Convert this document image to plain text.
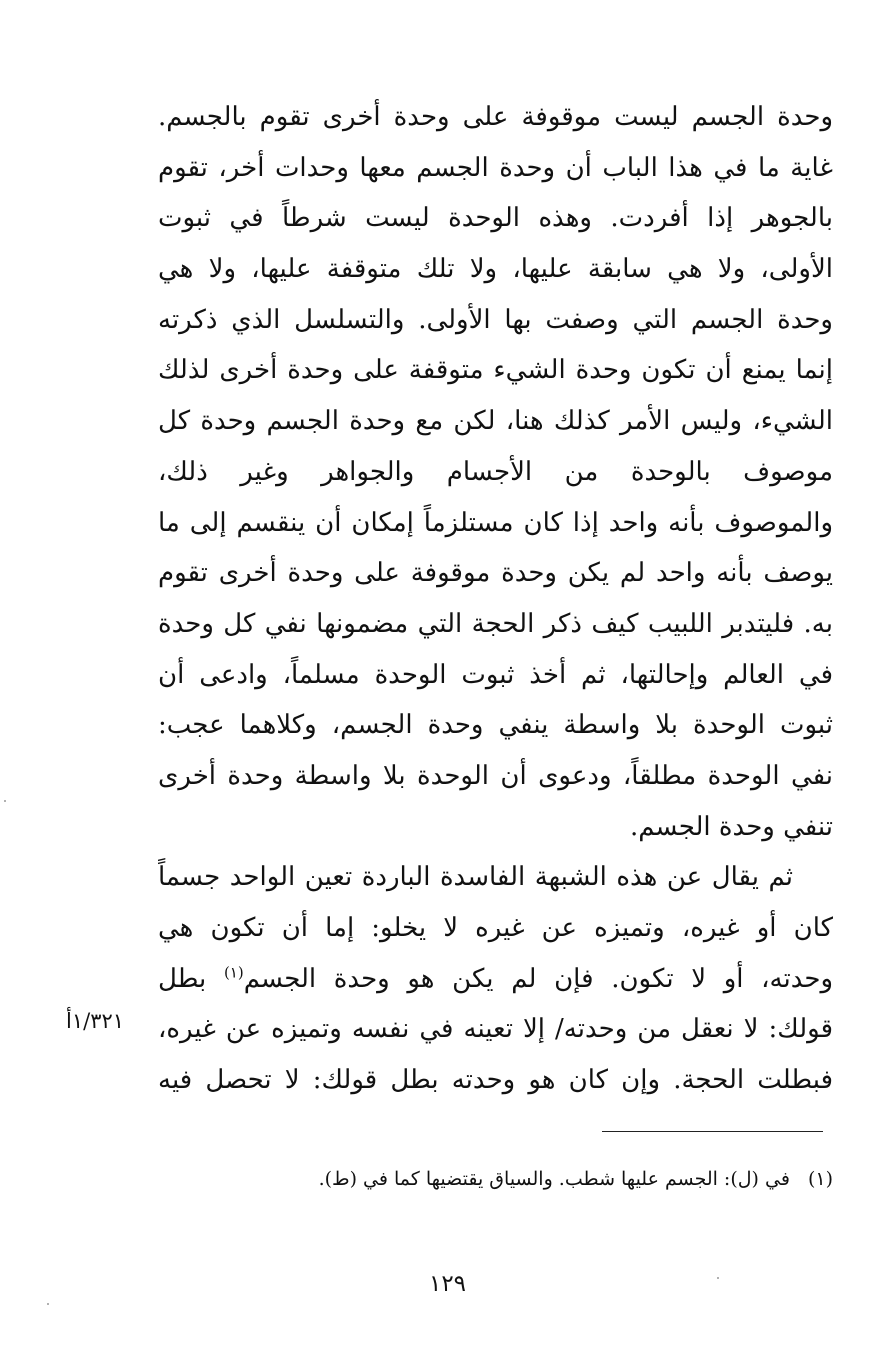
وحدة الجسم ليست موقوفة على وحدة أخرى تقوم بالجسم.
غاية ما في هذا الباب أن وحدة الجسم معها وحدات أخر، تقوم
بالجوهر إذا أفردت. وهذه الوحدة ليست شرطاً في ثبوت
الأولى، ولا هي سابقة عليها، ولا تلك متوقفة عليها، ولا هي
وحدة الجسم التي وصفت بها الأولى. والتسلسل الذي ذكرته
إنما يمنع أن تكون وحدة الشيء متوقفة على وحدة أخرى لذلك
الشيء، وليس الأمر كذلك هنا، لكن مع وحدة الجسم وحدة كل
موصوف بالوحدة من الأجسام والجواهر وغير ذلك،
والموصوف بأنه واحد إذا كان مستلزماً إمكان أن ينقسم إلى ما
يوصف بأنه واحد لم يكن وحدة موقوفة على وحدة أخرى تقوم
به. فليتدبر اللبيب كيف ذكر الحجة التي مضمونها نفي كل وحدة
في العالم وإحالتها، ثم أخذ ثبوت الوحدة مسلماً، وادعى أن
ثبوت الوحدة بلا واسطة ينفي وحدة الجسم، وكلاهما عجب:
نفي الوحدة مطلقاً، ودعوى أن الوحدة بلا واسطة وحدة أخرى
تنفي وحدة الجسم.
ثم يقال عن هذه الشبهة الفاسدة الباردة تعين الواحد جسماً
كان أو غيره، وتميزه عن غيره لا يخلو: إما أن تكون هي
وحدته، أو لا تكون. فإن لم يكن هو وحدة الجسم$^{(١)}$ بطل
قولك: لا نعقل من وحدته/ إلا تعينه في نفسه وتميزه عن غيره،
فبطلت الحجة. وإن كان هو وحدته بطل قولك: لا تحصل فيه
١/٣٢١أ
(١)في (ل): الجسم عليها شطب. والسياق يقتضيها كما في (ط).
١٢٩
